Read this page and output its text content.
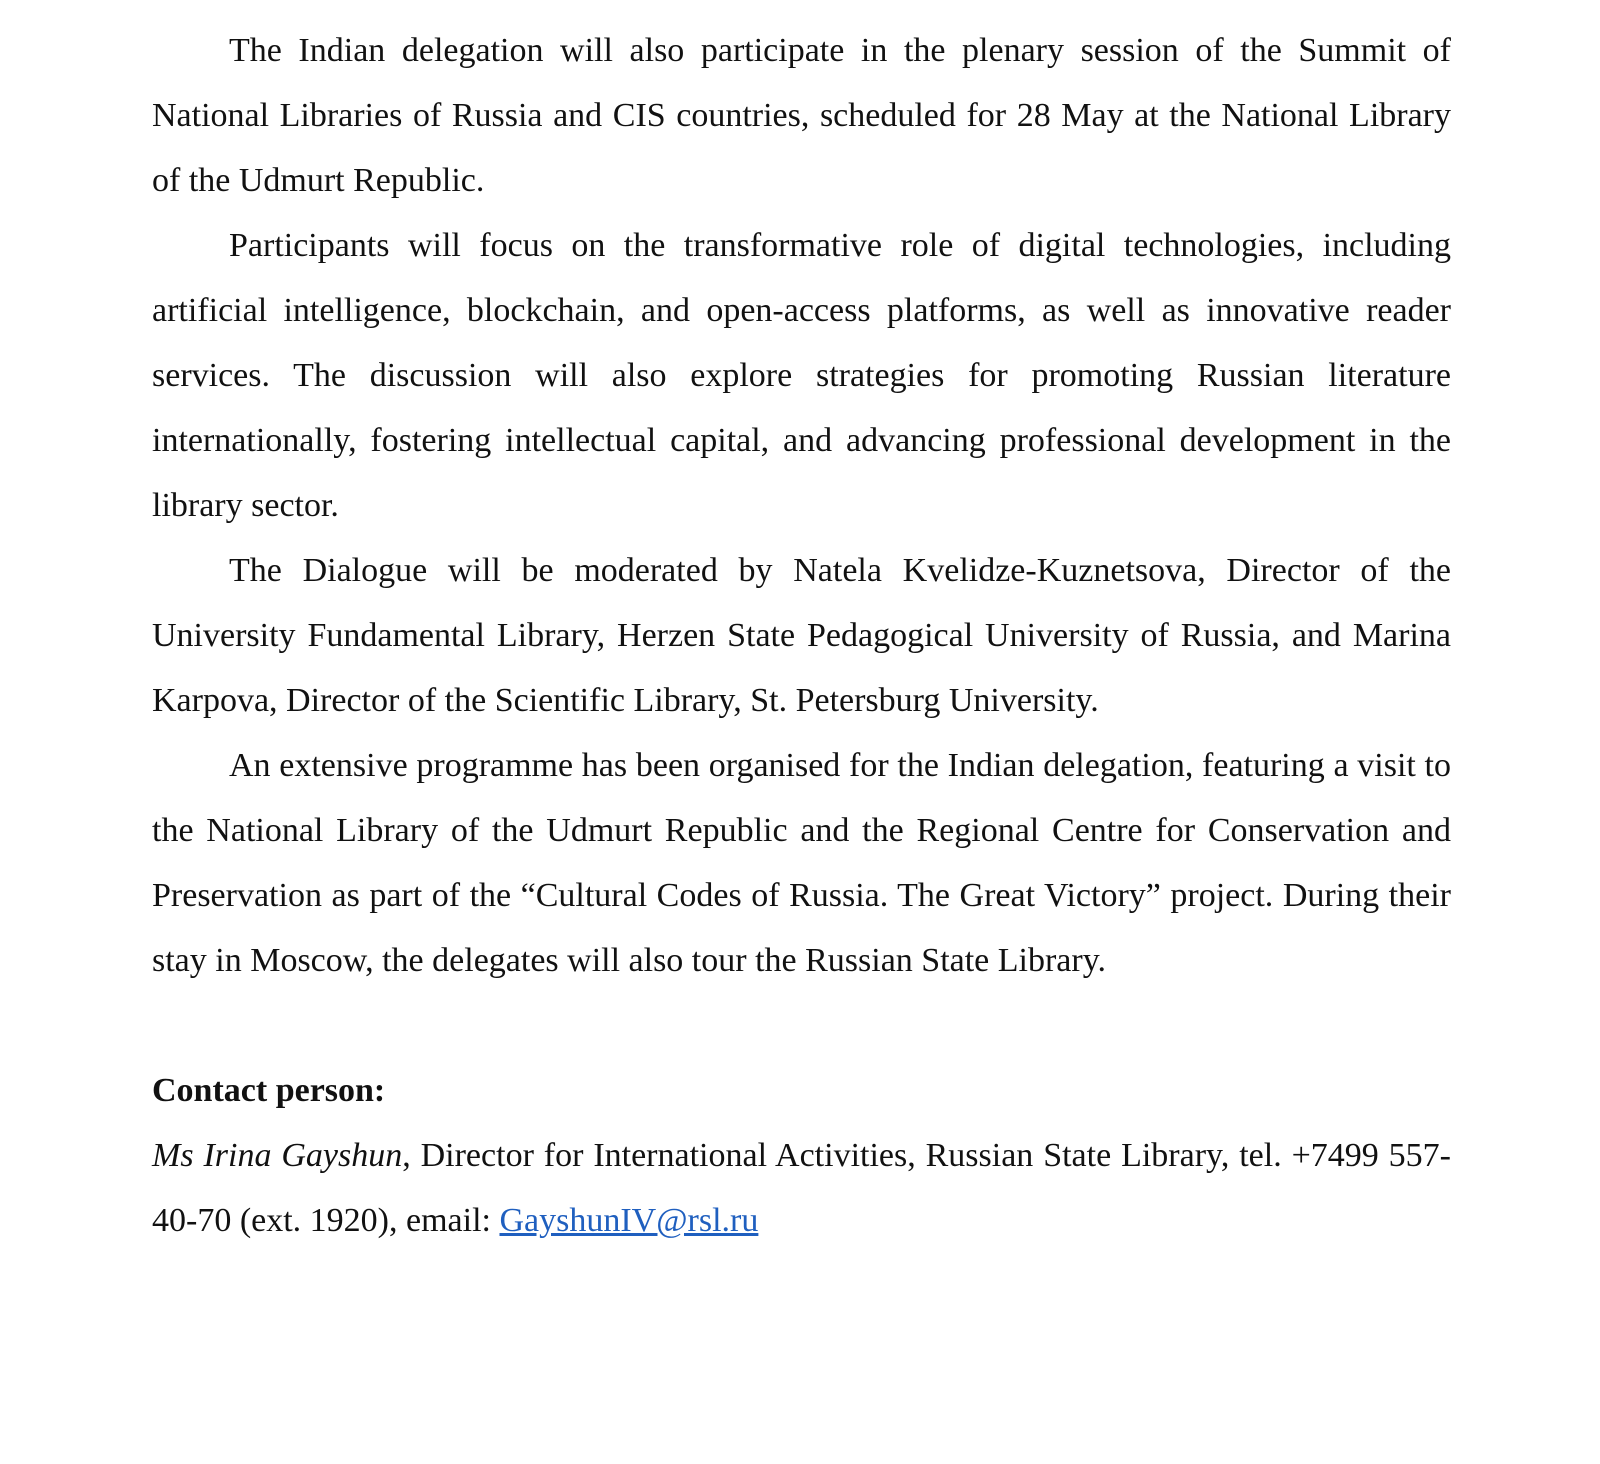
The Indian delegation will also participate in the plenary session of the Summit of National Libraries of Russia and CIS countries, scheduled for 28 May at the National Library of the Udmurt Republic.

Participants will focus on the transformative role of digital technologies, including artificial intelligence, blockchain, and open-access platforms, as well as innovative reader services. The discussion will also explore strategies for promoting Russian literature internationally, fostering intellectual capital, and advancing professional development in the library sector.

The Dialogue will be moderated by Natela Kvelidze-Kuznetsova, Director of the University Fundamental Library, Herzen State Pedagogical University of Russia, and Marina Karpova, Director of the Scientific Library, St. Petersburg University.

An extensive programme has been organised for the Indian delegation, featuring a visit to the National Library of the Udmurt Republic and the Regional Centre for Conservation and Preservation as part of the “Cultural Codes of Russia. The Great Victory” project. During their stay in Moscow, the delegates will also tour the Russian State Library.

Contact person:

Ms Irina Gayshun, Director for International Activities, Russian State Library, tel. +7499 557-40-70 (ext. 1920), email: GayshunIV@rsl.ru
